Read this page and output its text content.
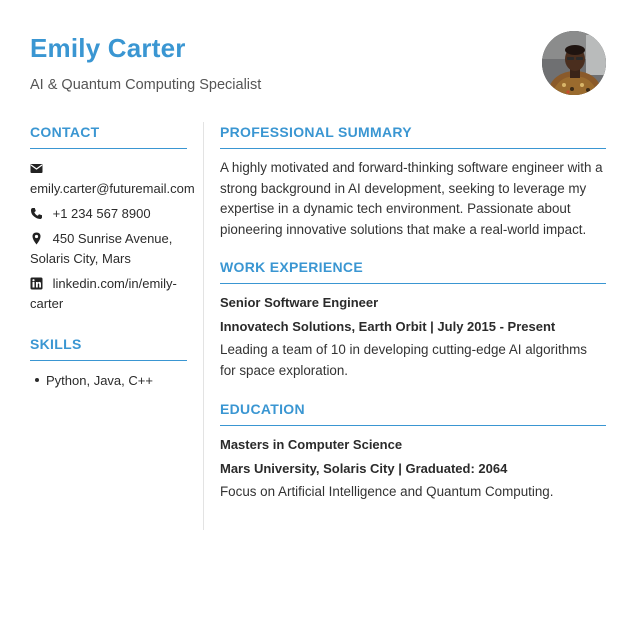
Emily Carter
AI & Quantum Computing Specialist
CONTACT

emily.carter@futuremail.com
+1 234 567 8900
450 Sunrise Avenue, Solaris City, Mars
linkedin.com/in/emily-carter
SKILLS
Python, Java, C++
PROFESSIONAL SUMMARY
A highly motivated and forward-thinking software engineer with a strong background in AI development, seeking to leverage my expertise in a dynamic tech environment. Passionate about pioneering innovative solutions that make a real-world impact.
WORK EXPERIENCE
Senior Software Engineer
Innovatech Solutions, Earth Orbit | July 2015 - Present
Leading a team of 10 in developing cutting-edge AI algorithms for space exploration.
EDUCATION
Masters in Computer Science
Mars University, Solaris City | Graduated: 2064
Focus on Artificial Intelligence and Quantum Computing.
